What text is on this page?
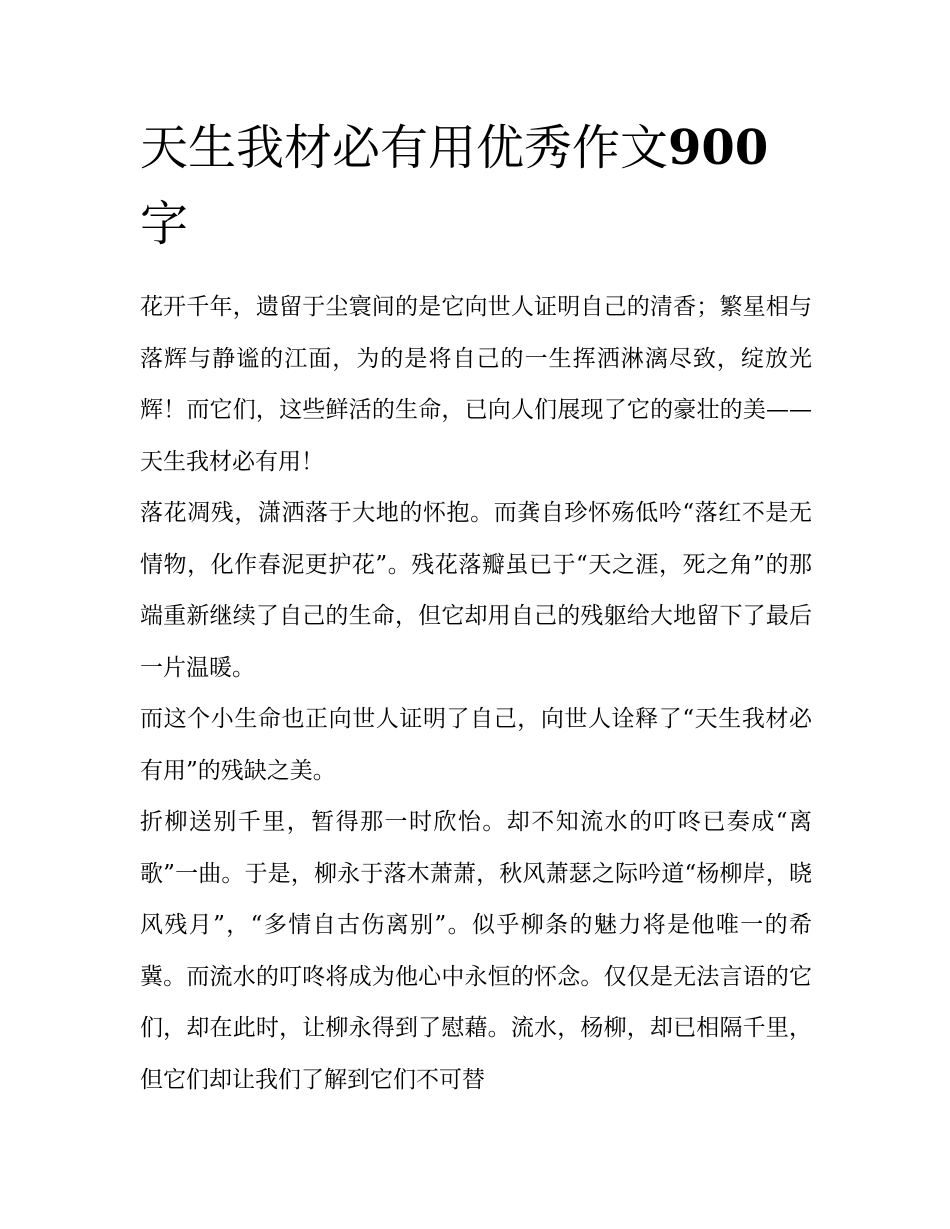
天生我材必有用优秀作文900
字

花开千年，遗留于尘寰间的是它向世人证明自己的清香；繁星相与落辉与静谧的江面，为的是将自己的一生挥洒淋漓尽致，绽放光辉！而它们，这些鲜活的生命，已向人们展现了它的豪壮的美——天生我材必有用！

落花凋残，潇洒落于大地的怀抱。而龚自珍怀殇低吟“落红不是无情物，化作春泥更护花”。残花落瓣虽已于“天之涯，死之角”的那端重新继续了自己的生命，但它却用自己的残躯给大地留下了最后一片温暖。

而这个小生命也正向世人证明了自己，向世人诠释了“天生我材必有用”的残缺之美。

折柳送别千里，暂得那一时欣怡。却不知流水的叮咚已奏成“离歌”一曲。于是，柳永于落木萧萧，秋风萧瑟之际吟道“杨柳岸，晓风残月”，“多情自古伤离别”。似乎柳条的魅力将是他唯一的希冀。而流水的叮咚将成为他心中永恒的怀念。仅仅是无法言语的它们，却在此时，让柳永得到了慰藉。流水，杨柳，却已相隔千里，但它们却让我们了解到它们不可替
